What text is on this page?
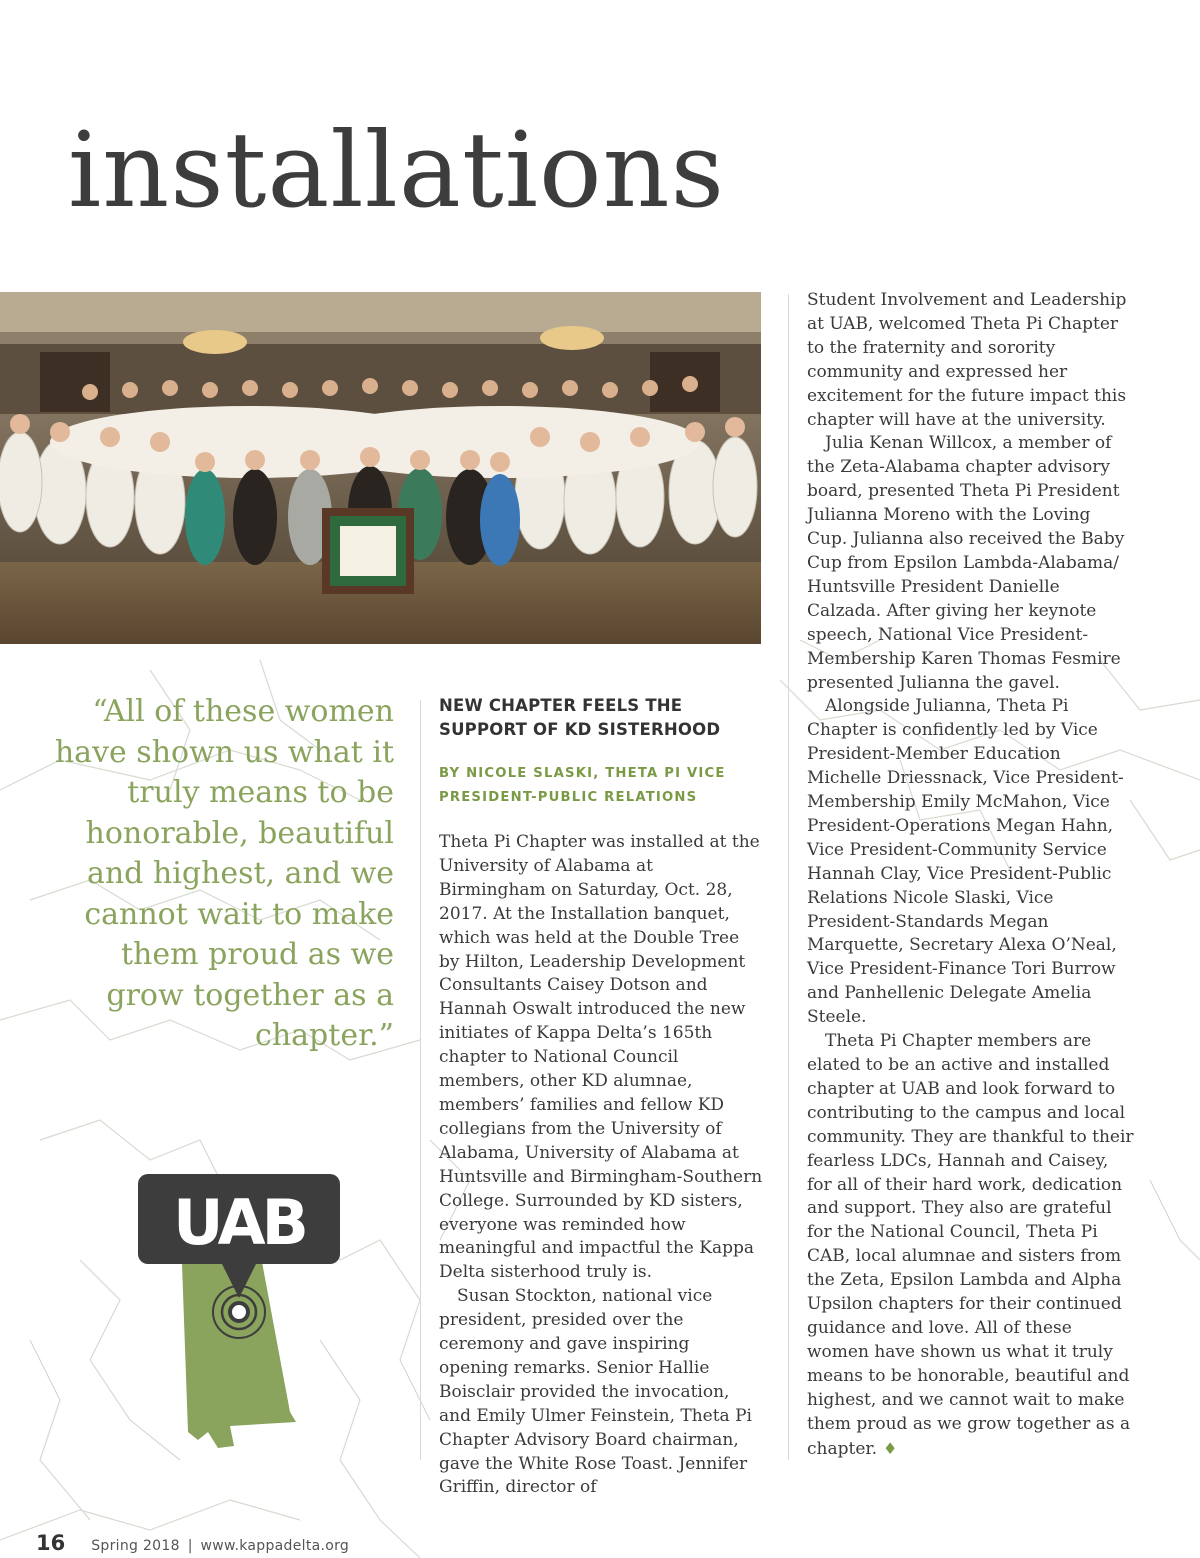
installations

“All of these women have shown us what it truly means to be honorable, beautiful and highest, and we cannot wait to make them proud as we grow together as a chapter.”

NEW CHAPTER FEELS THE SUPPORT OF KD SISTERHOOD
BY NICOLE SLASKI, THETA PI VICE PRESIDENT-PUBLIC RELATIONS

Theta Pi Chapter was installed at the University of Alabama at Birmingham on Saturday, Oct. 28, 2017. At the Installation banquet, which was held at the Double Tree by Hilton, Leadership Development Consultants Caisey Dotson and Hannah Oswalt introduced the new initiates of Kappa Delta’s 165th chapter to National Council members, other KD alumnae, members’ families and fellow KD collegians from the University of Alabama, University of Alabama at Huntsville and Birmingham-Southern College. Surrounded by KD sisters, everyone was reminded how meaningful and impactful the Kappa Delta sisterhood truly is.

Susan Stockton, national vice president, presided over the ceremony and gave inspiring opening remarks. Senior Hallie Boisclair provided the invocation, and Emily Ulmer Feinstein, Theta Pi Chapter Advisory Board chairman, gave the White Rose Toast. Jennifer Griffin, director of

Student Involvement and Leadership at UAB, welcomed Theta Pi Chapter to the fraternity and sorority community and expressed her excitement for the future impact this chapter will have at the university.

Julia Kenan Willcox, a member of the Zeta-Alabama chapter advisory board, presented Theta Pi President Julianna Moreno with the Loving Cup. Julianna also received the Baby Cup from Epsilon Lambda-Alabama/ Huntsville President Danielle Calzada. After giving her keynote speech, National Vice President-Membership Karen Thomas Fesmire presented Julianna the gavel.

Alongside Julianna, Theta Pi Chapter is confidently led by Vice President-Member Education Michelle Driessnack, Vice President-Membership Emily McMahon, Vice President-Operations Megan Hahn, Vice President-Community Service Hannah Clay, Vice President-Public Relations Nicole Slaski, Vice President-Standards Megan Marquette, Secretary Alexa O’Neal, Vice President-Finance Tori Burrow and Panhellenic Delegate Amelia Steele.

Theta Pi Chapter members are elated to be an active and installed chapter at UAB and look forward to contributing to the campus and local community. They are thankful to their fearless LDCs, Hannah and Caisey, for all of their hard work, dedication and support. They also are grateful for the National Council, Theta Pi CAB, local alumnae and sisters from the Zeta, Epsilon Lambda and Alpha Upsilon chapters for their continued guidance and love. All of these women have shown us what it truly means to be honorable, beautiful and highest, and we cannot wait to make them proud as we grow together as a chapter. ♦

UAB
16 Spring 2018 | www.kappadelta.org
